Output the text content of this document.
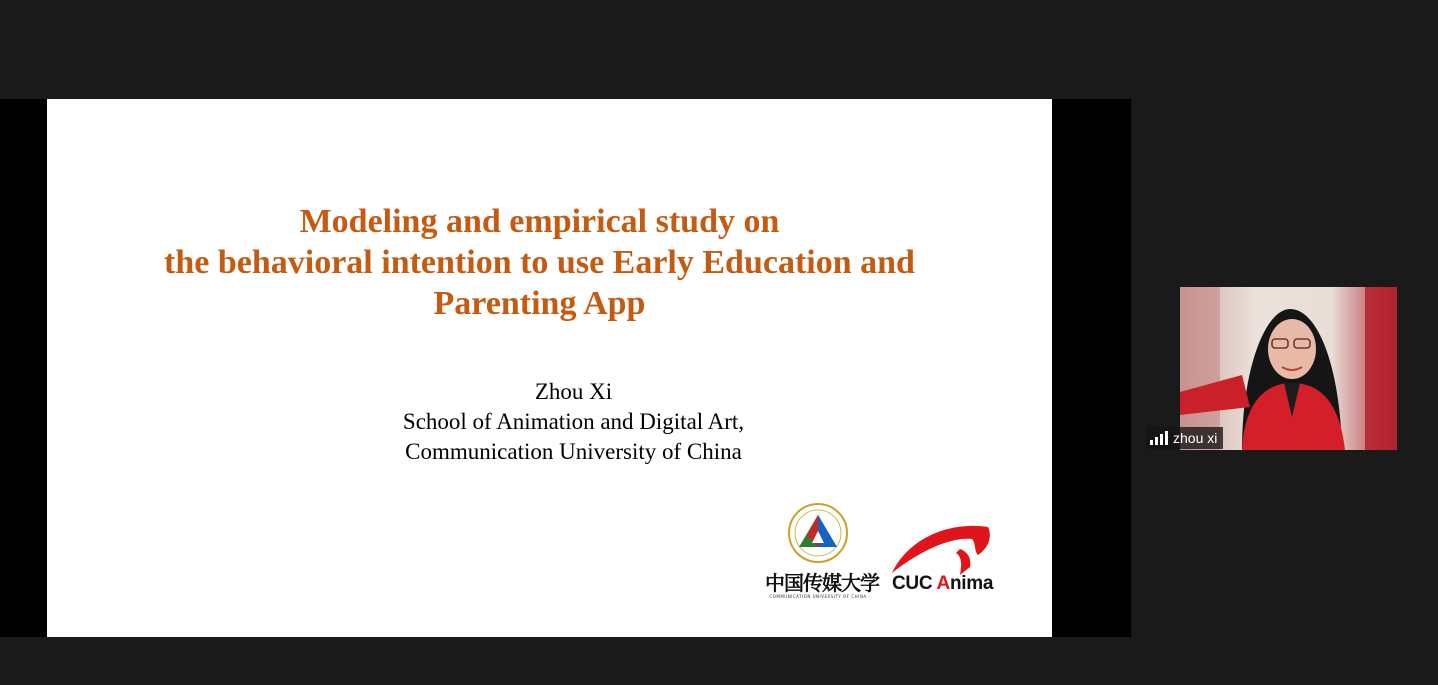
Modeling and empirical study on
the behavioral intention to use Early Education and
Parenting App
Zhou Xi
School of Animation and Digital Art,
Communication University of China
中国传媒大学
COMMUNICATION UNIVERSITY OF CHINA
CUC Anima
zhou xi
